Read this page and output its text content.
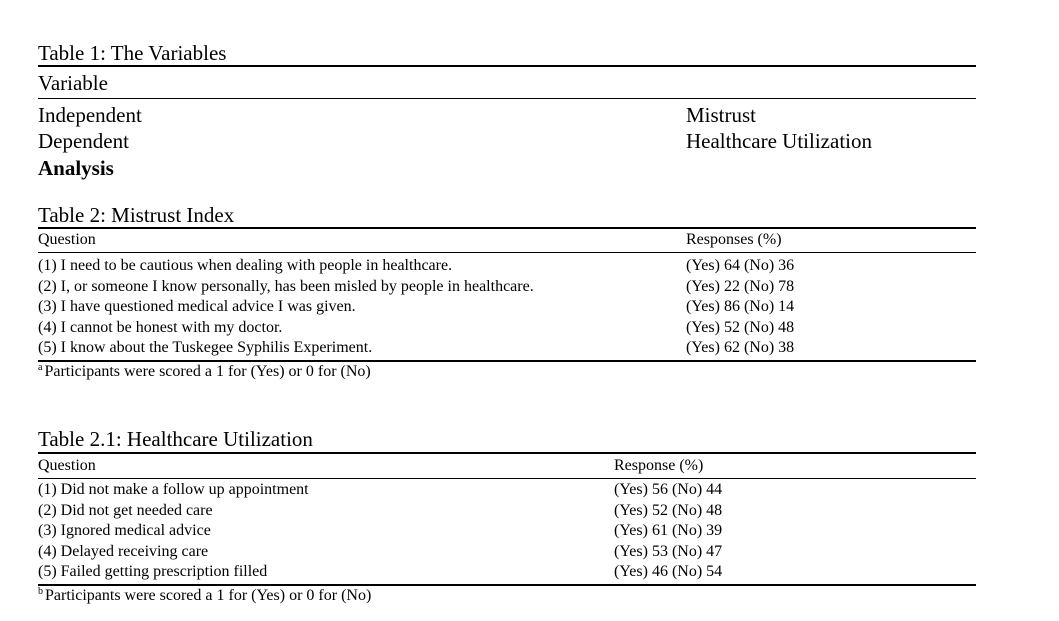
Table 1: The Variables
Variable
Independent	Mistrust
Dependent	Healthcare Utilization
Analysis
Table 2: Mistrust Index
Question	Responses (%)
(1) I need to be cautious when dealing with people in healthcare.	(Yes) 64 (No) 36
(2) I, or someone I know personally, has been misled by people in healthcare.	(Yes) 22 (No) 78
(3) I have questioned medical advice I was given.	(Yes) 86 (No) 14
(4) I cannot be honest with my doctor.	(Yes) 52 (No) 48
(5) I know about the Tuskegee Syphilis Experiment.	(Yes) 62 (No) 38
$^a$ Participants were scored a 1 for (Yes) or 0 for (No)
Table 2.1: Healthcare Utilization
Question	Response (%)
(1) Did not make a follow up appointment	(Yes) 56 (No) 44
(2) Did not get needed care	(Yes) 52 (No) 48
(3) Ignored medical advice	(Yes) 61 (No) 39
(4) Delayed receiving care	(Yes) 53 (No) 47
(5) Failed getting prescription filled	(Yes) 46 (No) 54
$^b$ Participants were scored a 1 for (Yes) or 0 for (No)
